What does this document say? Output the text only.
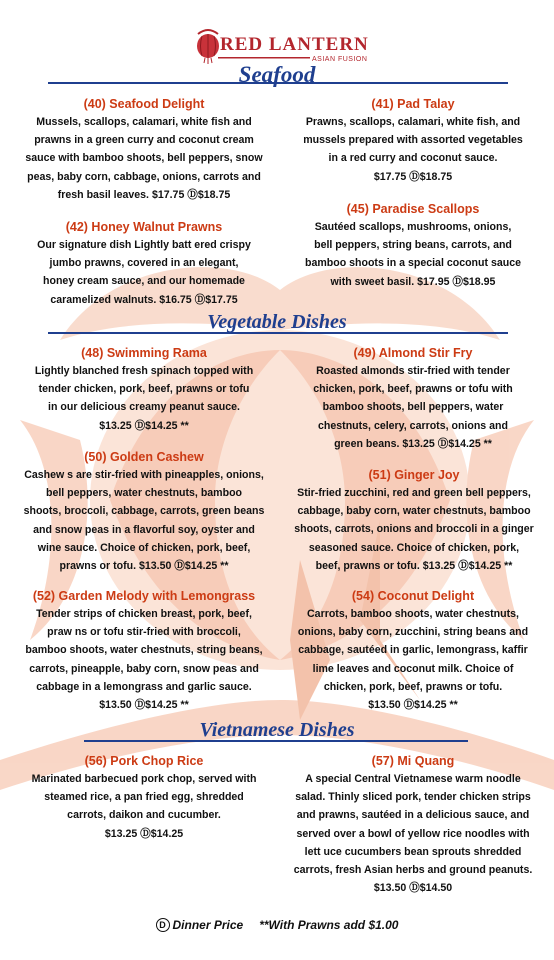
RED LANTERN
ASIAN FUSION
Seafood
(40) Seafood Delight
Mussels, scallops, calamari, white fish and
prawns in a green curry and coconut cream
sauce with bamboo shoots, bell peppers, snow
peas, baby corn, cabbage, onions, carrots and
fresh basil leaves. $17.75 Ⓓ$18.75
(41) Pad Talay
Prawns, scallops, calamari, white fish, and
mussels prepared with assorted vegetables
in a red curry and coconut sauce.
$17.75 Ⓓ$18.75
(42) Honey Walnut Prawns
Our signature dish Lightly batt ered crispy
jumbo prawns, covered in an elegant,
honey cream sauce, and our homemade
caramelized walnuts. $16.75 Ⓓ$17.75
(45) Paradise Scallops
Sautéed scallops, mushrooms, onions,
bell peppers, string beans, carrots, and
bamboo shoots in a special coconut sauce
with sweet basil. $17.95 Ⓓ$18.95
Vegetable Dishes
(48) Swimming Rama
Lightly blanched fresh spinach topped with
tender chicken, pork, beef, prawns or tofu
in our delicious creamy peanut sauce.
$13.25 Ⓓ$14.25 **
(49) Almond Stir Fry
Roasted almonds stir-fried with tender
chicken, pork, beef, prawns or tofu with
bamboo shoots, bell peppers, water
chestnuts, celery, carrots, onions and
green beans. $13.25 Ⓓ$14.25 **
(50) Golden Cashew
Cashew s are stir-fried with pineapples, onions,
bell peppers, water chestnuts, bamboo
shoots, broccoli, cabbage, carrots, green beans
and snow peas in a flavorful soy, oyster and
wine sauce. Choice of chicken, pork, beef,
prawns or tofu. $13.50 Ⓓ$14.25 **
(51) Ginger Joy
Stir-fried zucchini, red and green bell peppers,
cabbage, baby corn, water chestnuts, bamboo
shoots, carrots, onions and broccoli in a ginger
seasoned sauce. Choice of chicken, pork,
beef, prawns or tofu. $13.25 Ⓓ$14.25 **
(52) Garden Melody with Lemongrass
Tender strips of chicken breast, pork, beef,
praw ns or tofu stir-fried with broccoli,
bamboo shoots, water chestnuts, string beans,
carrots, pineapple, baby corn, snow peas and
cabbage in a lemongrass and garlic sauce.
$13.50 Ⓓ$14.25 **
(54) Coconut Delight
Carrots, bamboo shoots, water chestnuts,
onions, baby corn, zucchini, string beans and
cabbage, sautéed in garlic, lemongrass, kaffir
lime leaves and coconut milk. Choice of
chicken, pork, beef, prawns or tofu.
$13.50 Ⓓ$14.25 **
Vietnamese Dishes
(56) Pork Chop Rice
Marinated barbecued pork chop, served with
steamed rice, a pan fried egg, shredded
carrots, daikon and cucumber.
$13.25 Ⓓ$14.25
(57) Mi Quang
A special Central Vietnamese warm noodle
salad. Thinly sliced pork, tender chicken strips
and prawns, sautéed in a delicious sauce, and
served over a bowl of yellow rice noodles with
lett uce cucumbers bean sprouts shredded
carrots, fresh Asian herbs and ground peanuts.
$13.50 Ⓓ$14.50
D Dinner Price **With Prawns add $1.00
